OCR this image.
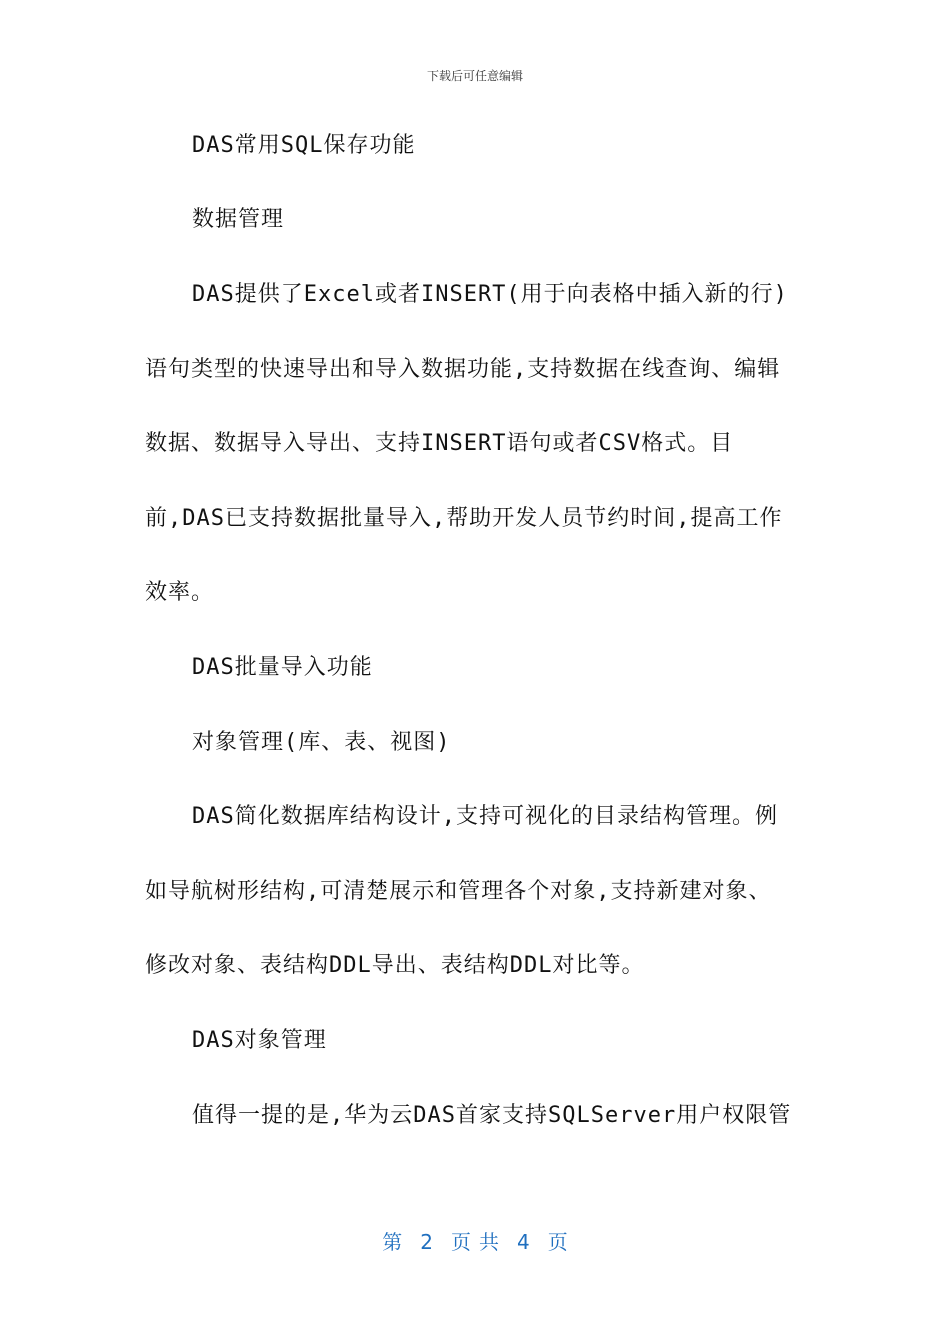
下载后可任意编辑
DAS常用SQL保存功能
数据管理
DAS提供了Excel或者INSERT(用于向表格中插入新的行)
语句类型的快速导出和导入数据功能,支持数据在线查询、编辑
数据、数据导入导出、支持INSERT语句或者CSV格式。目
前,DAS已支持数据批量导入,帮助开发人员节约时间,提高工作
效率。
DAS批量导入功能
对象管理(库、表、视图)
DAS简化数据库结构设计,支持可视化的目录结构管理。例
如导航树形结构,可清楚展示和管理各个对象,支持新建对象、
修改对象、表结构DDL导出、表结构DDL对比等。
DAS对象管理
值得一提的是,华为云DAS首家支持SQLServer用户权限管
第 2 页 共 4 页
